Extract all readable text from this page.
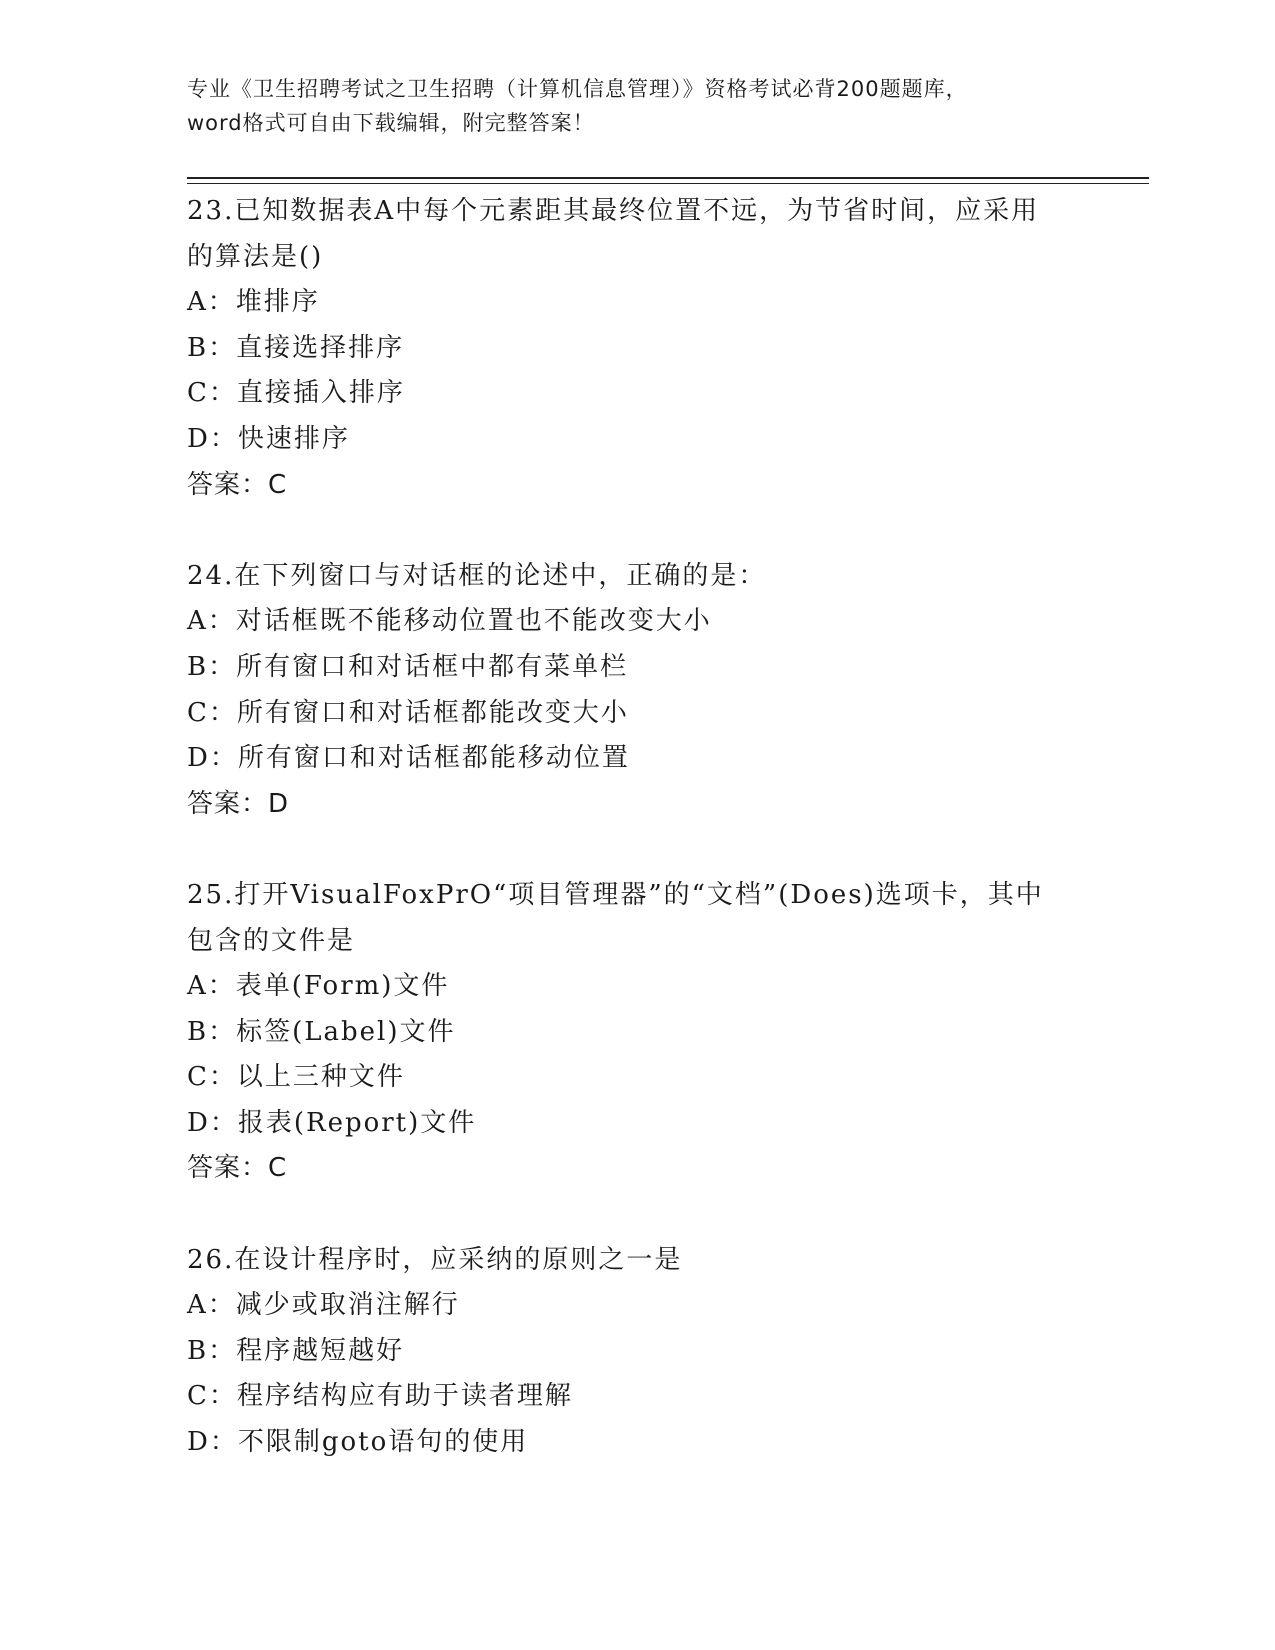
专业《卫生招聘考试之卫生招聘（计算机信息管理）》资格考试必背200题题库，
word格式可自由下载编辑，附完整答案！
23.已知数据表A中每个元素距其最终位置不远，为节省时间，应采用
的算法是()
A：堆排序
B：直接选择排序
C：直接插入排序
D：快速排序
答案：C
24.在下列窗口与对话框的论述中，正确的是：
A：对话框既不能移动位置也不能改变大小
B：所有窗口和对话框中都有菜单栏
C：所有窗口和对话框都能改变大小
D：所有窗口和对话框都能移动位置
答案：D
25.打开VisualFoxPrO“项目管理器”的“文档”(Does)选项卡，其中
包含的文件是
A：表单(Form)文件
B：标签(Label)文件
C：以上三种文件
D：报表(Report)文件
答案：C
26.在设计程序时，应采纳的原则之一是
A：减少或取消注解行
B：程序越短越好
C：程序结构应有助于读者理解
D：不限制goto语句的使用
